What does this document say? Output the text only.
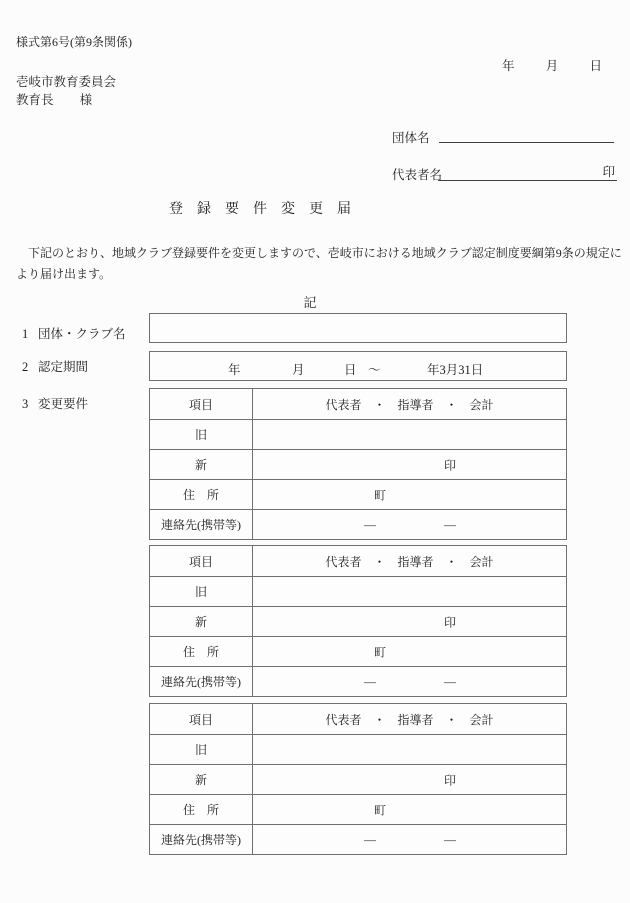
様式第6号(第9条関係)
年 月 日
壱岐市教育委員会
教育長 様
団体名
代表者名	印
登　録　要　件　変　更　届
　下記のとおり、地域クラブ登録要件を変更しますので、壱岐市における地域クラブ認定制度要綱第9条の規定に
より届け出ます。
記
1 団体・クラブ名
2 認定期間	年	月	日 ～	年3月31日
3 変更要件	項目	代表者　・　指導者　・　会計
旧
新	印
住　所	町
連絡先(携帯等)	―	―
項目	代表者　・　指導者　・　会計
旧
新	印
住　所	町
連絡先(携帯等)	―	―
項目	代表者　・　指導者　・　会計
旧
新	印
住　所	町
連絡先(携帯等)	―	―
